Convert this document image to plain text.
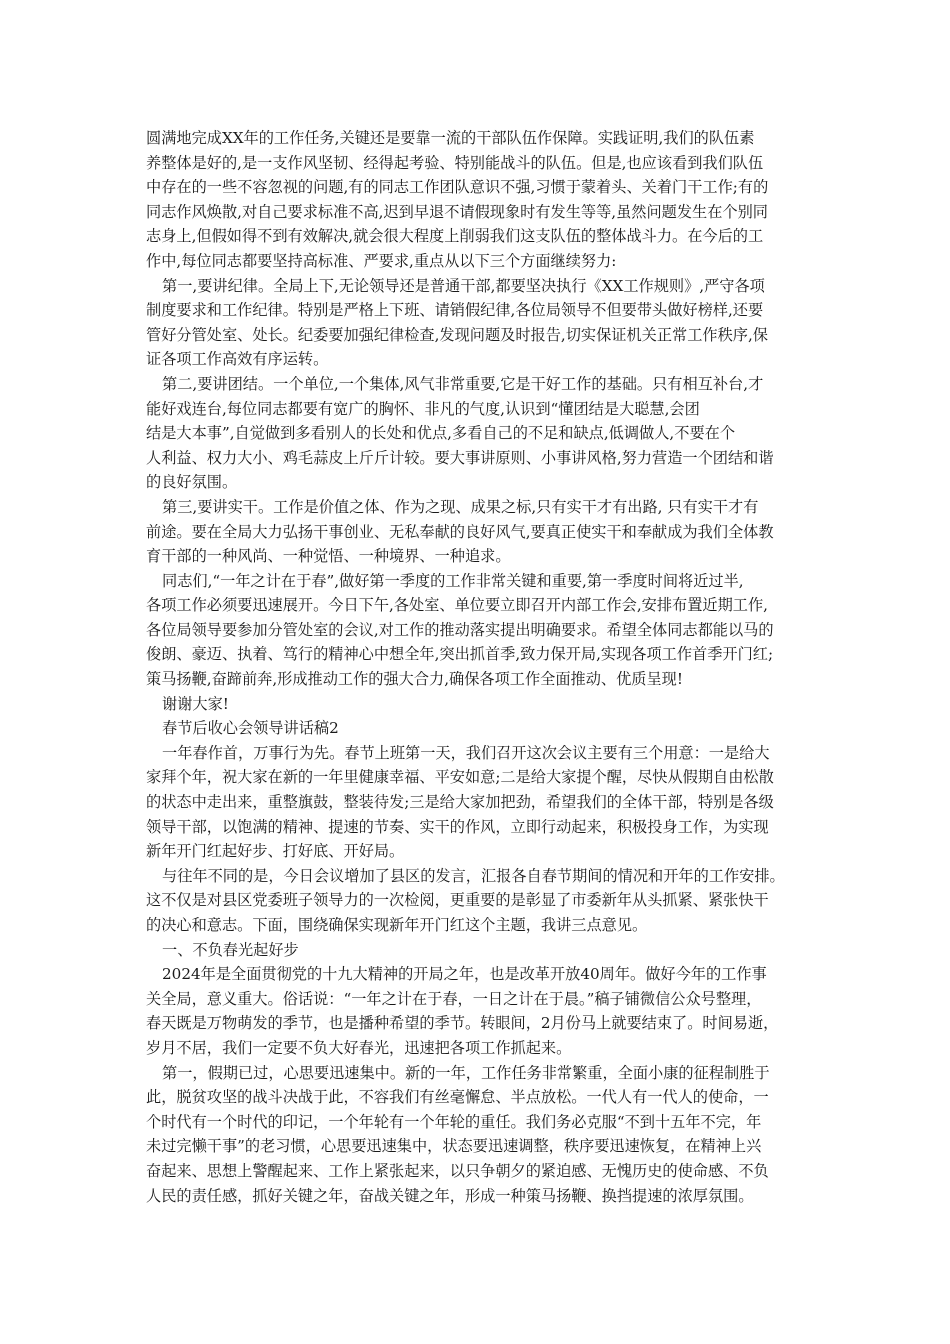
圆满地完成XX年的工作任务,关键还是要靠一流的干部队伍作保障。实践证明,我们的队伍素
养整体是好的,是一支作风坚韧、经得起考验、特别能战斗的队伍。但是,也应该看到我们队伍
中存在的一些不容忽视的问题,有的同志工作团队意识不强,习惯于蒙着头、关着门干工作;有的
同志作风焕散,对自己要求标准不高,迟到早退不请假现象时有发生等等,虽然问题发生在个别同
志身上,但假如得不到有效解决,就会很大程度上削弱我们这支队伍的整体战斗力。在今后的工
作中,每位同志都要坚持高标准、严要求,重点从以下三个方面继续努力:
第一,要讲纪律。全局上下,无论领导还是普通干部,都要坚决执行《XX工作规则》,严守各项
制度要求和工作纪律。特别是严格上下班、请销假纪律,各位局领导不但要带头做好榜样,还要
管好分管处室、处长。纪委要加强纪律检查,发现问题及时报告,切实保证机关正常工作秩序,保
证各项工作高效有序运转。
第二,要讲团结。一个单位,一个集体,风气非常重要,它是干好工作的基础。只有相互补台,才
能好戏连台,每位同志都要有宽广的胸怀、非凡的气度,认识到“懂团结是大聪慧,会团
结是大本事”,自觉做到多看别人的长处和优点,多看自己的不足和缺点,低调做人,不要在个
人利益、权力大小、鸡毛蒜皮上斤斤计较。要大事讲原则、小事讲风格,努力营造一个团结和谐
的良好氛围。
第三,要讲实干。工作是价值之体、作为之现、成果之标,只有实干才有出路, 只有实干才有
前途。要在全局大力弘扬干事创业、无私奉献的良好风气,要真正使实干和奉献成为我们全体教
育干部的一种风尚、一种觉悟、一种境界、一种追求。
同志们,“一年之计在于春”,做好第一季度的工作非常关键和重要,第一季度时间将近过半,
各项工作必须要迅速展开。今日下午,各处室、单位要立即召开内部工作会,安排布置近期工作,
各位局领导要参加分管处室的会议,对工作的推动落实提出明确要求。希望全体同志都能以马的
俊朗、豪迈、执着、笃行的精神心中想全年,突出抓首季,致力保开局,实现各项工作首季开门红;
策马扬鞭,奋蹄前奔,形成推动工作的强大合力,确保各项工作全面推动、优质呈现!
谢谢大家!
春节后收心会领导讲话稿2
一年春作首，万事行为先。春节上班第一天，我们召开这次会议主要有三个用意：一是给大
家拜个年，祝大家在新的一年里健康幸福、平安如意;二是给大家提个醒，尽快从假期自由松散
的状态中走出来，重整旗鼓，整装待发;三是给大家加把劲，希望我们的全体干部，特别是各级
领导干部，以饱满的精神、提速的节奏、实干的作风，立即行动起来，积极投身工作，为实现
新年开门红起好步、打好底、开好局。
与往年不同的是，今日会议增加了县区的发言，汇报各自春节期间的情况和开年的工作安排。
这不仅是对县区党委班子领导力的一次检阅，更重要的是彰显了市委新年从头抓紧、紧张快干
的决心和意志。下面，围绕确保实现新年开门红这个主题，我讲三点意见。
一、不负春光起好步
2024年是全面贯彻党的十九大精神的开局之年，也是改革开放40周年。做好今年的工作事
关全局，意义重大。俗话说：“一年之计在于春，一日之计在于晨。”稿子铺微信公众号整理，
春天既是万物萌发的季节，也是播种希望的季节。转眼间，2月份马上就要结束了。时间易逝，
岁月不居，我们一定要不负大好春光，迅速把各项工作抓起来。
第一，假期已过，心思要迅速集中。新的一年，工作任务非常繁重，全面小康的征程制胜于
此，脱贫攻坚的战斗决战于此，不容我们有丝毫懈怠、半点放松。一代人有一代人的使命，一
个时代有一个时代的印记，一个年轮有一个年轮的重任。我们务必克服“不到十五年不完，年
未过完懒干事”的老习惯，心思要迅速集中，状态要迅速调整，秩序要迅速恢复，在精神上兴
奋起来、思想上警醒起来、工作上紧张起来，以只争朝夕的紧迫感、无愧历史的使命感、不负
人民的责任感，抓好关键之年，奋战关键之年，形成一种策马扬鞭、换挡提速的浓厚氛围。
